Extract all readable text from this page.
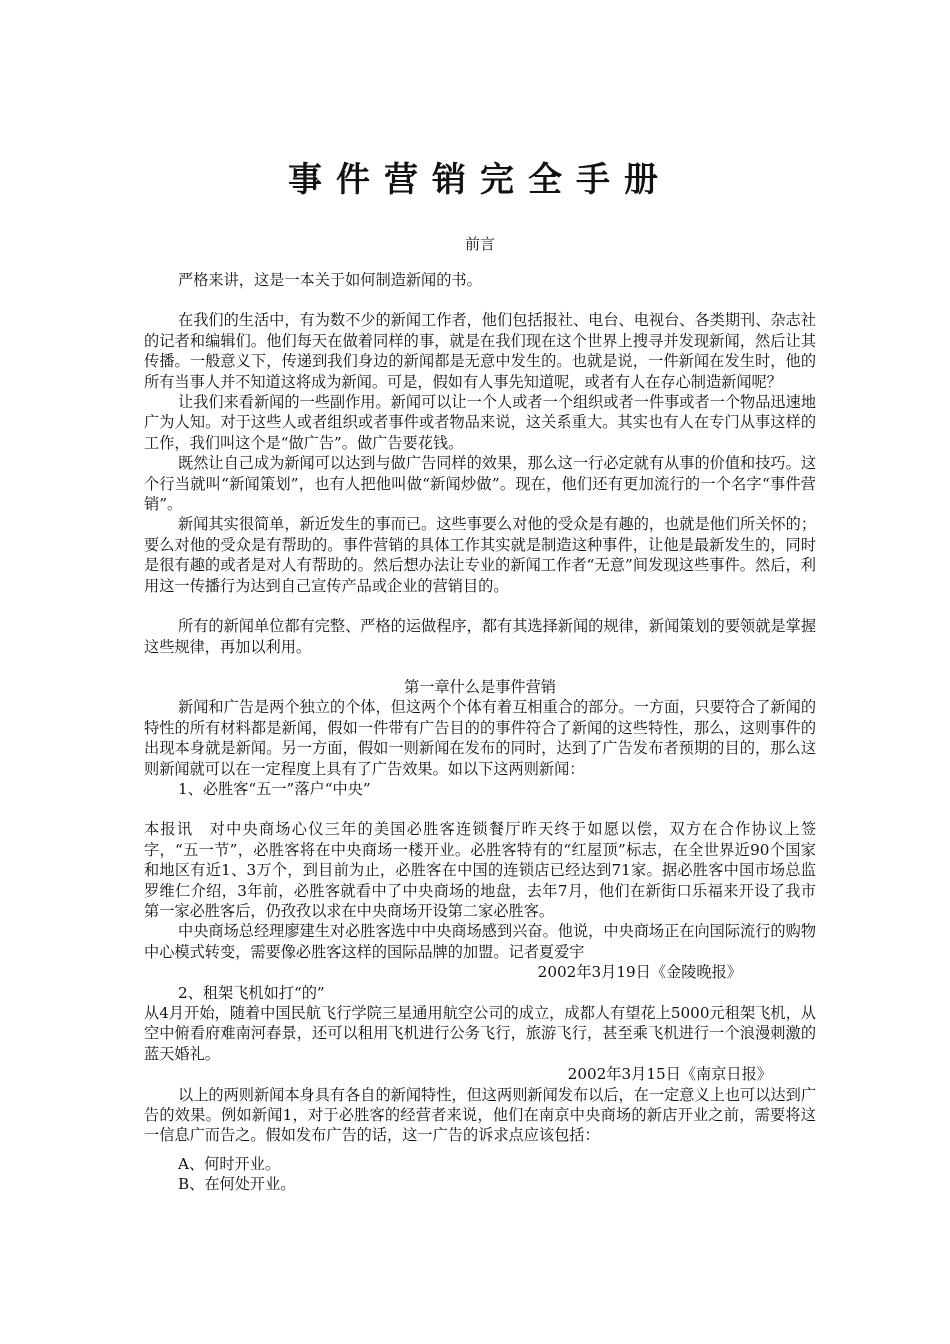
事件营销完全手册
前言

严格来讲，这是一本关于如何制造新闻的书。

在我们的生活中，有为数不少的新闻工作者，他们包括报社、电台、电视台、各类期刊、杂志社的记者和编辑们。他们每天在做着同样的事，就是在我们现在这个世界上搜寻并发现新闻，然后让其传播。一般意义下，传递到我们身边的新闻都是无意中发生的。也就是说，一件新闻在发生时，他的所有当事人并不知道这将成为新闻。可是，假如有人事先知道呢，或者有人在存心制造新闻呢？

让我们来看新闻的一些副作用。新闻可以让一个人或者一个组织或者一件事或者一个物品迅速地广为人知。对于这些人或者组织或者事件或者物品来说，这关系重大。其实也有人在专门从事这样的工作，我们叫这个是“做广告”。做广告要花钱。

既然让自己成为新闻可以达到与做广告同样的效果，那么这一行必定就有从事的价值和技巧。这个行当就叫“新闻策划”，也有人把他叫做“新闻炒做”。现在，他们还有更加流行的一个名字“事件营销”。

新闻其实很简单，新近发生的事而已。这些事要么对他的受众是有趣的，也就是他们所关怀的；要么对他的受众是有帮助的。事件营销的具体工作其实就是制造这种事件，让他是最新发生的，同时是很有趣的或者是对人有帮助的。然后想办法让专业的新闻工作者“无意”间发现这些事件。然后，利用这一传播行为达到自己宣传产品或企业的营销目的。

所有的新闻单位都有完整、严格的运做程序，都有其选择新闻的规律，新闻策划的要领就是掌握这些规律，再加以利用。

第一章什么是事件营销

新闻和广告是两个独立的个体，但这两个个体有着互相重合的部分。一方面，只要符合了新闻的特性的所有材料都是新闻，假如一件带有广告目的的事件符合了新闻的这些特性，那么，这则事件的出现本身就是新闻。另一方面，假如一则新闻在发布的同时，达到了广告发布者预期的目的，那么这则新闻就可以在一定程度上具有了广告效果。如以下这两则新闻：

1、必胜客“五一”落户“中央”

本报讯　对中央商场心仪三年的美国必胜客连锁餐厅昨天终于如愿以偿，双方在合作协议上签字，“五一节”，必胜客将在中央商场一楼开业。必胜客特有的“红屋顶”标志，在全世界近90个国家和地区有近1、3万个，到目前为止，必胜客在中国的连锁店已经达到71家。据必胜客中国市场总监罗维仁介绍，3年前，必胜客就看中了中央商场的地盘，去年7月，他们在新街口乐福来开设了我市第一家必胜客后，仍孜孜以求在中央商场开设第二家必胜客。

中央商场总经理廖建生对必胜客选中中央商场感到兴奋。他说，中央商场正在向国际流行的购物中心模式转变，需要像必胜客这样的国际品牌的加盟。记者夏爱宇

2002年3月19日《金陵晚报》

2、租架飞机如打“的”

从4月开始，随着中国民航飞行学院三星通用航空公司的成立，成都人有望花上5000元租架飞机，从空中俯看府难南河春景，还可以租用飞机进行公务飞行，旅游飞行，甚至乘飞机进行一个浪漫刺激的蓝天婚礼。

2002年3月15日《南京日报》

以上的两则新闻本身具有各自的新闻特性，但这两则新闻发布以后，在一定意义上也可以达到广告的效果。例如新闻1，对于必胜客的经营者来说，他们在南京中央商场的新店开业之前，需要将这一信息广而告之。假如发布广告的话，这一广告的诉求点应该包括：

A、何时开业。

B、在何处开业。
